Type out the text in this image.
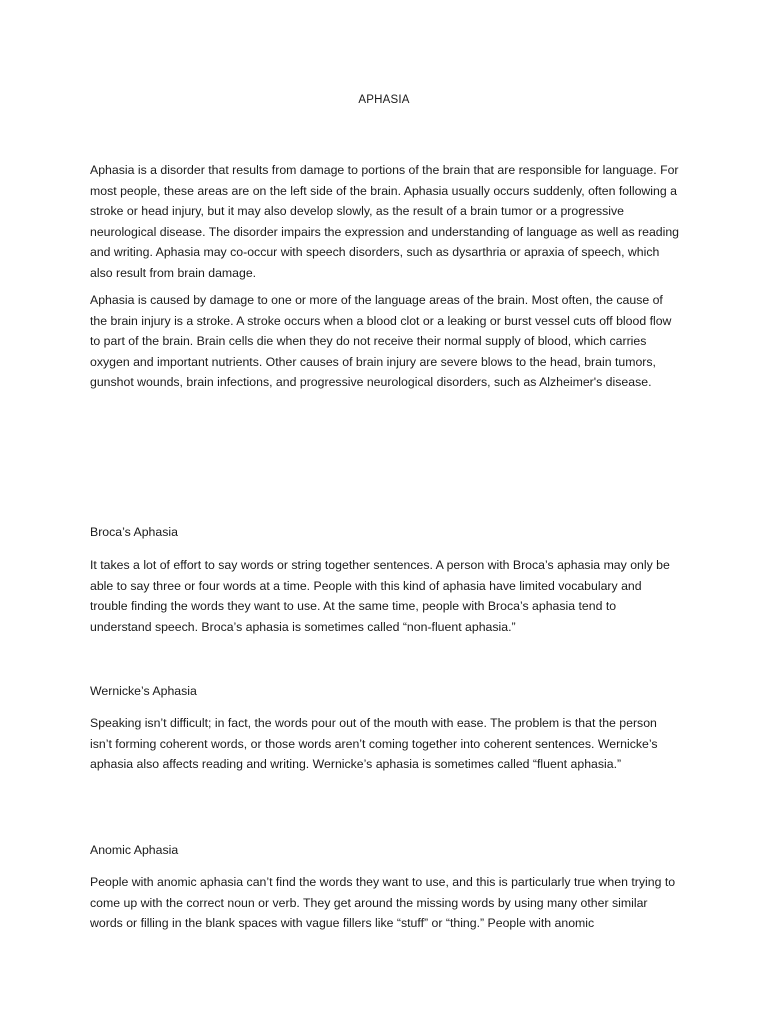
APHASIA

Aphasia is a disorder that results from damage to portions of the brain that are responsible for language. For most people, these areas are on the left side of the brain. Aphasia usually occurs suddenly, often following a stroke or head injury, but it may also develop slowly, as the result of a brain tumor or a progressive neurological disease. The disorder impairs the expression and understanding of language as well as reading and writing. Aphasia may co-occur with speech disorders, such as dysarthria or apraxia of speech, which also result from brain damage.

Aphasia is caused by damage to one or more of the language areas of the brain. Most often, the cause of the brain injury is a stroke. A stroke occurs when a blood clot or a leaking or burst vessel cuts off blood flow to part of the brain. Brain cells die when they do not receive their normal supply of blood, which carries oxygen and important nutrients. Other causes of brain injury are severe blows to the head, brain tumors, gunshot wounds, brain infections, and progressive neurological disorders, such as Alzheimer's disease.

Broca’s Aphasia

It takes a lot of effort to say words or string together sentences. A person with Broca’s aphasia may only be able to say three or four words at a time. People with this kind of aphasia have limited vocabulary and trouble finding the words they want to use. At the same time, people with Broca’s aphasia tend to understand speech. Broca’s aphasia is sometimes called “non-fluent aphasia.”

Wernicke’s Aphasia

Speaking isn’t difficult; in fact, the words pour out of the mouth with ease. The problem is that the person isn’t forming coherent words, or those words aren’t coming together into coherent sentences. Wernicke’s aphasia also affects reading and writing. Wernicke’s aphasia is sometimes called “fluent aphasia.”

Anomic Aphasia

People with anomic aphasia can’t find the words they want to use, and this is particularly true when trying to come up with the correct noun or verb. They get around the missing words by using many other similar words or filling in the blank spaces with vague fillers like “stuff” or “thing.” People with anomic
